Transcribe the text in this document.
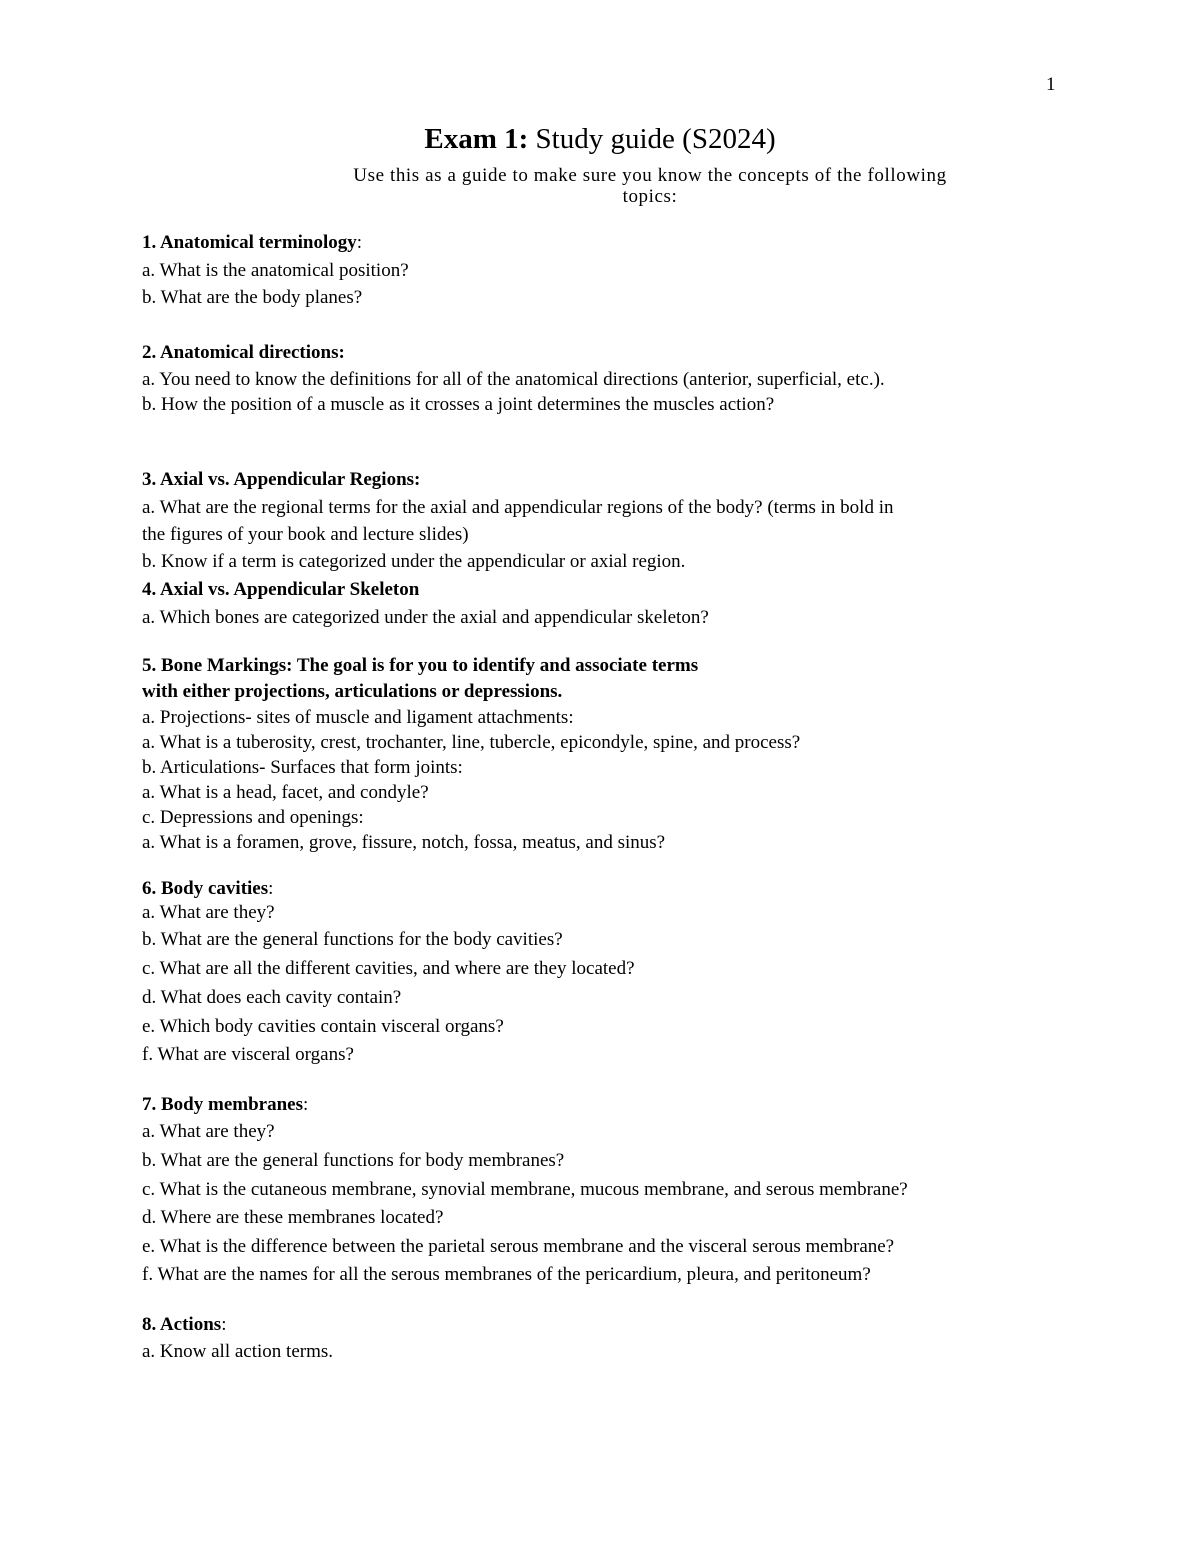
1
Exam 1: Study guide (S2024)
Use this as a guide to make sure you know the concepts of the following
topics:
1. Anatomical terminology:
a. What is the anatomical position?
b. What are the body planes?
2. Anatomical directions:
a. You need to know the definitions for all of the anatomical directions (anterior, superficial, etc.).
b. How the position of a muscle as it crosses a joint determines the muscles action?
3. Axial vs. Appendicular Regions:
a. What are the regional terms for the axial and appendicular regions of the body? (terms in bold in
the figures of your book and lecture slides)
b. Know if a term is categorized under the appendicular or axial region.
4. Axial vs. Appendicular Skeleton
a. Which bones are categorized under the axial and appendicular skeleton?
5. Bone Markings: The goal is for you to identify and associate terms
with either projections, articulations or depressions.
a. Projections- sites of muscle and ligament attachments:
a. What is a tuberosity, crest, trochanter, line, tubercle, epicondyle, spine, and process?
b. Articulations- Surfaces that form joints:
a. What is a head, facet, and condyle?
c. Depressions and openings:
a. What is a foramen, grove, fissure, notch, fossa, meatus, and sinus?
6. Body cavities:
a. What are they?
b. What are the general functions for the body cavities?
c. What are all the different cavities, and where are they located?
d. What does each cavity contain?
e. Which body cavities contain visceral organs?
f. What are visceral organs?
7. Body membranes:
a. What are they?
b. What are the general functions for body membranes?
c. What is the cutaneous membrane, synovial membrane, mucous membrane, and serous membrane?
d. Where are these membranes located?
e. What is the difference between the parietal serous membrane and the visceral serous membrane?
f. What are the names for all the serous membranes of the pericardium, pleura, and peritoneum?
8. Actions:
a. Know all action terms.
